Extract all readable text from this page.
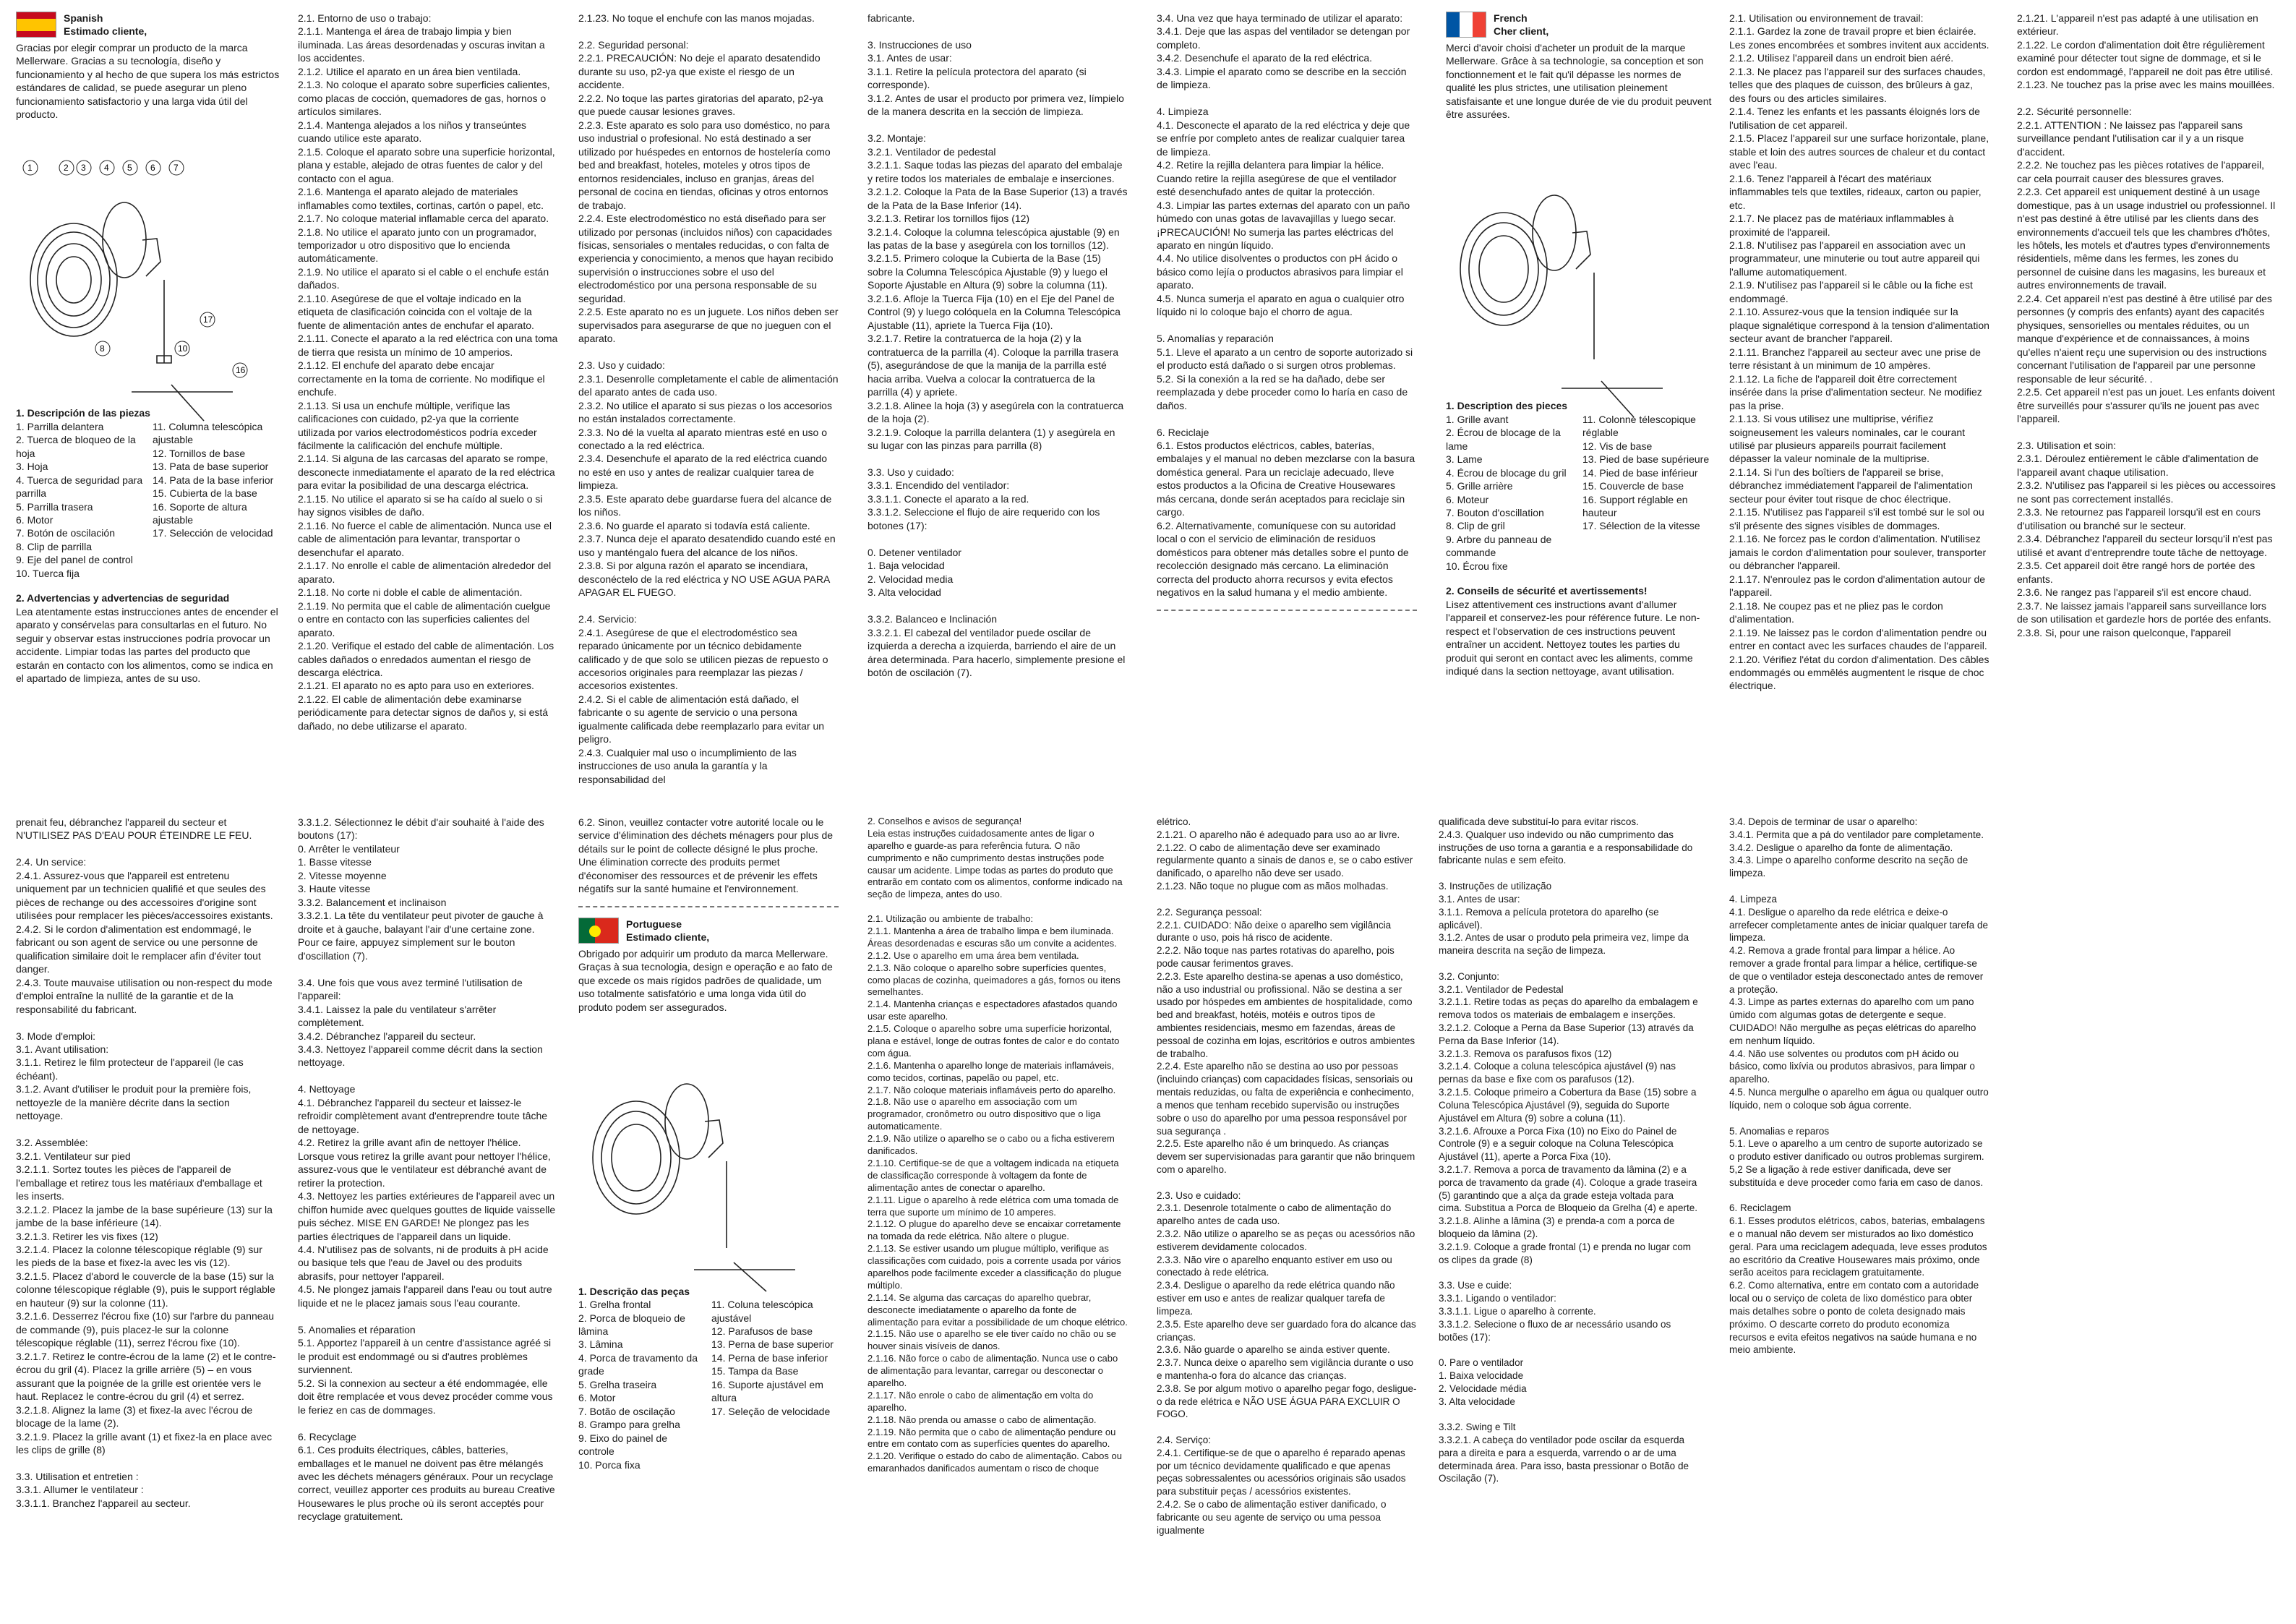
Spanish

Estimado cliente,

Gracias por elegir comprar un producto de la marca Mellerware. Gracias a su tecnología, diseño y funcionamiento y al hecho de que supera los más estrictos estándares de calidad, se puede asegurar un pleno funcionamiento satisfactorio y una larga vida útil del producto.

1	2 3 4 5 6 7
8
17
10
16

1. Descripción de las piezas

1. Parrilla delantera

2. Tuerca de bloqueo de la hoja

3. Hoja

4. Tuerca de seguridad para parrilla

5. Parrilla trasera

6. Motor

7. Botón de oscilación

8. Clip de parrilla

9. Eje del panel de control

10. Tuerca fija

11. Columna telescópica ajustable

12. Tornillos de base

13. Pata de base superior

14. Pata de la base inferior

15. Cubierta de la base

16. Soporte de altura ajustable

17. Selección de velocidad

2. Advertencias y advertencias de seguridad

Lea atentamente estas instrucciones antes de encender el aparato y consérvelas para consultarlas en el futuro. No seguir y observar estas instrucciones podría provocar un accidente. Limpiar todas las partes del producto que estarán en contacto con los alimentos, como se indica en el apartado de limpieza, antes de su uso.

2.1. Entorno de uso o trabajo:
2.1.1. Mantenga el área de trabajo limpia y bien iluminada. Las áreas desordenadas y oscuras invitan a los accidentes.
2.1.2. Utilice el aparato en un área bien ventilada.
2.1.3. No coloque el aparato sobre superficies calientes, como placas de cocción, quemadores de gas, hornos o artículos similares.
2.1.4. Mantenga alejados a los niños y transeúntes cuando utilice este aparato.
2.1.5. Coloque el aparato sobre una superficie horizontal, plana y estable, alejado de otras fuentes de calor y del contacto con el agua.
2.1.6. Mantenga el aparato alejado de materiales inflamables como textiles, cortinas, cartón o papel, etc.
2.1.7. No coloque material inflamable cerca del aparato.
2.1.8. No utilice el aparato junto con un programador, temporizador u otro dispositivo que lo encienda automáticamente.
2.1.9. No utilice el aparato si el cable o el enchufe están dañados.
2.1.10. Asegúrese de que el voltaje indicado en la etiqueta de clasificación coincida con el voltaje de la fuente de alimentación antes de enchufar el aparato.
2.1.11. Conecte el aparato a la red eléctrica con una toma de tierra que resista un mínimo de 10 amperios.
2.1.12. El enchufe del aparato debe encajar correctamente en la toma de corriente. No modifique el enchufe.
2.1.13. Si usa un enchufe múltiple, verifique las calificaciones con cuidado, p2-ya que la corriente utilizada por varios electrodomésticos podría exceder fácilmente la calificación del enchufe múltiple.
2.1.14. Si alguna de las carcasas del aparato se rompe, desconecte inmediatamente el aparato de la red eléctrica para evitar la posibilidad de una descarga eléctrica.
2.1.15. No utilice el aparato si se ha caído al suelo o si hay signos visibles de daño.
2.1.16. No fuerce el cable de alimentación. Nunca use el cable de alimentación para levantar, transportar o desenchufar el aparato.
2.1.17. No enrolle el cable de alimentación alrededor del aparato.
2.1.18. No corte ni doble el cable de alimentación.
2.1.19. No permita que el cable de alimentación cuelgue o entre en contacto con las superficies calientes del aparato.
2.1.20. Verifique el estado del cable de alimentación. Los cables dañados o enredados aumentan el riesgo de descarga eléctrica.
2.1.21. El aparato no es apto para uso en exteriores.
2.1.22. El cable de alimentación debe examinarse periódicamente para detectar signos de daños y, si está dañado, no debe utilizarse el aparato.
2.1.23. No toque el enchufe con las manos mojadas.

2.2. Seguridad personal:
2.2.1. PRECAUCIÓN: No deje el aparato desatendido durante su uso, p2-ya que existe el riesgo de un accidente.
2.2.2. No toque las partes giratorias del aparato, p2-ya que puede causar lesiones graves.
2.2.3. Este aparato es solo para uso doméstico, no para uso industrial o profesional. No está destinado a ser utilizado por huéspedes en entornos de hostelería como bed and breakfast, hoteles, moteles y otros tipos de entornos residenciales, incluso en granjas, áreas del personal de cocina en tiendas, oficinas y otros entornos de trabajo.
2.2.4. Este electrodoméstico no está diseñado para ser utilizado por personas (incluidos niños) con capacidades físicas, sensoriales o mentales reducidas, o con falta de experiencia y conocimiento, a menos que hayan recibido supervisión o instrucciones sobre el uso del electrodoméstico por una persona responsable de su seguridad.
2.2.5. Este aparato no es un juguete. Los niños deben ser supervisados para asegurarse de que no jueguen con el aparato.

2.3. Uso y cuidado:
2.3.1. Desenrolle completamente el cable de alimentación del aparato antes de cada uso.
2.3.2. No utilice el aparato si sus piezas o los accesorios no están instalados correctamente.
2.3.3. No dé la vuelta al aparato mientras esté en uso o conectado a la red eléctrica.
2.3.4. Desenchufe el aparato de la red eléctrica cuando no esté en uso y antes de realizar cualquier tarea de limpieza.
2.3.5. Este aparato debe guardarse fuera del alcance de los niños.
2.3.6. No guarde el aparato si todavía está caliente.
2.3.7. Nunca deje el aparato desatendido cuando esté en uso y manténgalo fuera del alcance de los niños.
2.3.8. Si por alguna razón el aparato se incendiara, desconéctelo de la red eléctrica y NO USE AGUA PARA APAGAR EL FUEGO.

2.4. Servicio:
2.4.1. Asegúrese de que el electrodoméstico sea reparado únicamente por un técnico debidamente calificado y de que solo se utilicen piezas de repuesto o accesorios originales para reemplazar las piezas / accesorios existentes.
2.4.2. Si el cable de alimentación está dañado, el fabricante o su agente de servicio o una persona igualmente calificada debe reemplazarlo para evitar un peligro.
2.4.3. Cualquier mal uso o incumplimiento de las instrucciones de uso anula la garantía y la responsabilidad del
fabricante.

3. Instrucciones de uso
3.1. Antes de usar:
3.1.1. Retire la película protectora del aparato (si corresponde).
3.1.2. Antes de usar el producto por primera vez, límpielo de la manera descrita en la sección de limpieza.

3.2. Montaje:
3.2.1. Ventilador de pedestal
3.2.1.1. Saque todas las piezas del aparato del embalaje y retire todos los materiales de embalaje e inserciones.
3.2.1.2. Coloque la Pata de la Base Superior (13) a través de la Pata de la Base Inferior (14).
3.2.1.3. Retirar los tornillos fijos (12)
3.2.1.4. Coloque la columna telescópica ajustable (9) en las patas de la base y asegúrela con los tornillos (12).
3.2.1.5. Primero coloque la Cubierta de la Base (15) sobre la Columna Telescópica Ajustable (9) y luego el Soporte Ajustable en Altura (9) sobre la columna (11).
3.2.1.6. Afloje la Tuerca Fija (10) en el Eje del Panel de Control (9) y luego colóquela en la Columna Telescópica Ajustable (11), apriete la Tuerca Fija (10).
3.2.1.7. Retire la contratuerca de la hoja (2) y la contratuerca de la parrilla (4). Coloque la parrilla trasera (5), asegurándose de que la manija de la parrilla esté hacia arriba. Vuelva a colocar la contratuerca de la parrilla (4) y apriete.
3.2.1.8. Alinee la hoja (3) y asegúrela con la contratuerca de la hoja (2).
3.2.1.9. Coloque la parrilla delantera (1) y asegúrela en su lugar con las pinzas para parrilla (8)

3.3. Uso y cuidado:
3.3.1. Encendido del ventilador:
3.3.1.1. Conecte el aparato a la red.
3.3.1.2. Seleccione el flujo de aire requerido con los botones (17):

0. Detener ventilador
1. Baja velocidad
2. Velocidad media
3. Alta velocidad

3.3.2. Balanceo e Inclinación
3.3.2.1. El cabezal del ventilador puede oscilar de izquierda a derecha a izquierda, barriendo el aire de un área determinada. Para hacerlo, simplemente presione el botón de oscilación (7).
3.4. Una vez que haya terminado de utilizar el aparato:
3.4.1. Deje que las aspas del ventilador se detengan por completo.
3.4.2. Desenchufe el aparato de la red eléctrica.
3.4.3. Limpie el aparato como se describe en la sección de limpieza.

4. Limpieza
4.1. Desconecte el aparato de la red eléctrica y deje que se enfríe por completo antes de realizar cualquier tarea de limpieza.
4.2. Retire la rejilla delantera para limpiar la hélice. Cuando retire la rejilla asegúrese de que el ventilador esté desenchufado antes de quitar la protección.
4.3. Limpiar las partes externas del aparato con un paño húmedo con unas gotas de lavavajillas y luego secar. ¡PRECAUCIÓN! No sumerja las partes eléctricas del aparato en ningún líquido.
4.4. No utilice disolventes o productos con pH ácido o básico como lejía o productos abrasivos para limpiar el aparato.
4.5. Nunca sumerja el aparato en agua o cualquier otro líquido ni lo coloque bajo el chorro de agua.

5. Anomalías y reparación
5.1. Lleve el aparato a un centro de soporte autorizado si el producto está dañado o si surgen otros problemas.
5.2. Si la conexión a la red se ha dañado, debe ser reemplazada y debe proceder como lo haría en caso de daños.

6. Reciclaje
6.1. Estos productos eléctricos, cables, baterías, embalajes y el manual no deben mezclarse con la basura doméstica general. Para un reciclaje adecuado, lleve estos productos a la Oficina de Creative Housewares más cercana, donde serán aceptados para reciclaje sin cargo.
6.2. Alternativamente, comuníquese con su autoridad local o con el servicio de eliminación de residuos domésticos para obtener más detalles sobre el punto de recolección designado más cercano. La eliminación correcta del producto ahorra recursos y evita efectos negativos en la salud humana y el medio ambiente.

French

Cher client,

Merci d'avoir choisi d'acheter un produit de la marque Mellerware. Grâce à sa technologie, sa conception et son fonctionnement et le fait qu'il dépasse les normes de qualité les plus strictes, une utilisation pleinement satisfaisante et une longue durée de vie du produit peuvent être assurées.

1. Description des pieces

1. Grille avant

2. Écrou de blocage de la lame

3. Lame

4. Écrou de blocage du gril

5. Grille arrière

6. Moteur

7. Bouton d'oscillation

8. Clip de gril

9. Arbre du panneau de commande

10. Écrou fixe

11. Colonne télescopique réglable

12. Vis de base

13. Pied de base supérieure

14. Pied de base inférieur

15. Couvercle de base

16. Support réglable en hauteur

17. Sélection de la vitesse

2. Conseils de sécurité et avertissements!

Lisez attentivement ces instructions avant d'allumer l'appareil et conservez-les pour référence future. Le non-respect et l'observation de ces instructions peuvent entraîner un accident. Nettoyez toutes les parties du produit qui seront en contact avec les aliments, comme indiqué dans la section nettoyage, avant utilisation.

2.1. Utilisation ou environnement de travail:
2.1.1. Gardez la zone de travail propre et bien éclairée. Les zones encombrées et sombres invitent aux accidents.
2.1.2. Utilisez l'appareil dans un endroit bien aéré.
2.1.3. Ne placez pas l'appareil sur des surfaces chaudes, telles que des plaques de cuisson, des brûleurs à gaz, des fours ou des articles similaires.
2.1.4. Tenez les enfants et les passants éloignés lors de l'utilisation de cet appareil.
2.1.5. Placez l'appareil sur une surface horizontale, plane, stable et loin des autres sources de chaleur et du contact avec l'eau.
2.1.6. Tenez l'appareil à l'écart des matériaux inflammables tels que textiles, rideaux, carton ou papier, etc.
2.1.7. Ne placez pas de matériaux inflammables à proximité de l'appareil.
2.1.8. N'utilisez pas l'appareil en association avec un programmateur, une minuterie ou tout autre appareil qui l'allume automatiquement.
2.1.9. N'utilisez pas l'appareil si le câble ou la fiche est endommagé.
2.1.10. Assurez-vous que la tension indiquée sur la plaque signalétique correspond à la tension d'alimentation secteur avant de brancher l'appareil.
2.1.11. Branchez l'appareil au secteur avec une prise de terre résistant à un minimum de 10 ampères.
2.1.12. La fiche de l'appareil doit être correctement insérée dans la prise d'alimentation secteur. Ne modifiez pas la prise.
2.1.13. Si vous utilisez une multiprise, vérifiez soigneusement les valeurs nominales, car le courant utilisé par plusieurs appareils pourrait facilement dépasser la valeur nominale de la multiprise.
2.1.14. Si l'un des boîtiers de l'appareil se brise, débranchez immédiatement l'appareil de l'alimentation secteur pour éviter tout risque de choc électrique.
2.1.15. N'utilisez pas l'appareil s'il est tombé sur le sol ou s'il présente des signes visibles de dommages.
2.1.16. Ne forcez pas le cordon d'alimentation. N'utilisez jamais le cordon d'alimentation pour soulever, transporter ou débrancher l'appareil.
2.1.17. N'enroulez pas le cordon d'alimentation autour de l'appareil.
2.1.18. Ne coupez pas et ne pliez pas le cordon d'alimentation.
2.1.19. Ne laissez pas le cordon d'alimentation pendre ou entrer en contact avec les surfaces chaudes de l'appareil.
2.1.20. Vérifiez l'état du cordon d'alimentation. Des câbles endommagés ou emmêlés augmentent le risque de choc électrique.
2.1.21. L'appareil n'est pas adapté à une utilisation en extérieur.
2.1.22. Le cordon d'alimentation doit être régulièrement examiné pour détecter tout signe de dommage, et si le cordon est endommagé, l'appareil ne doit pas être utilisé.
2.1.23. Ne touchez pas la prise avec les mains mouillées.

2.2. Sécurité personnelle:
2.2.1. ATTENTION : Ne laissez pas l'appareil sans surveillance pendant l'utilisation car il y a un risque d'accident.
2.2.2. Ne touchez pas les pièces rotatives de l'appareil, car cela pourrait causer des blessures graves.
2.2.3. Cet appareil est uniquement destiné à un usage domestique, pas à un usage industriel ou professionnel. Il n'est pas destiné à être utilisé par les clients dans des environnements d'accueil tels que les chambres d'hôtes, les hôtels, les motels et d'autres types d'environnements résidentiels, même dans les fermes, les zones du personnel de cuisine dans les magasins, les bureaux et autres environnements de travail.
2.2.4. Cet appareil n'est pas destiné à être utilisé par des personnes (y compris des enfants) ayant des capacités physiques, sensorielles ou mentales réduites, ou un manque d'expérience et de connaissances, à moins qu'elles n'aient reçu une supervision ou des instructions concernant l'utilisation de l'appareil par une personne responsable de leur sécurité. .
2.2.5. Cet appareil n'est pas un jouet. Les enfants doivent être surveillés pour s'assurer qu'ils ne jouent pas avec l'appareil.

2.3. Utilisation et soin:
2.3.1. Déroulez entièrement le câble d'alimentation de l'appareil avant chaque utilisation.
2.3.2. N'utilisez pas l'appareil si les pièces ou accessoires ne sont pas correctement installés.
2.3.3. Ne retournez pas l'appareil lorsqu'il est en cours d'utilisation ou branché sur le secteur.
2.3.4. Débranchez l'appareil du secteur lorsqu'il n'est pas utilisé et avant d'entreprendre toute tâche de nettoyage.
2.3.5. Cet appareil doit être rangé hors de portée des enfants.
2.3.6. Ne rangez pas l'appareil s'il est encore chaud.
2.3.7. Ne laissez jamais l'appareil sans surveillance lors de son utilisation et gardezle hors de portée des enfants.
2.3.8. Si, pour une raison quelconque, l'appareil
prenait feu, débranchez l'appareil du secteur et N'UTILISEZ PAS D'EAU POUR ÉTEINDRE LE FEU.

2.4. Un service:
2.4.1. Assurez-vous que l'appareil est entretenu uniquement par un technicien qualifié et que seules des pièces de rechange ou des accessoires d'origine sont utilisées pour remplacer les pièces/accessoires existants.
2.4.2. Si le cordon d'alimentation est endommagé, le fabricant ou son agent de service ou une personne de qualification similaire doit le remplacer afin d'éviter tout danger.
2.4.3. Toute mauvaise utilisation ou non-respect du mode d'emploi entraîne la nullité de la garantie et de la responsabilité du fabricant.

3. Mode d'emploi:
3.1. Avant utilisation:
3.1.1. Retirez le film protecteur de l'appareil (le cas échéant).
3.1.2. Avant d'utiliser le produit pour la première fois, nettoyezle de la manière décrite dans la section nettoyage.

3.2. Assemblée:
3.2.1. Ventilateur sur pied
3.2.1.1. Sortez toutes les pièces de l'appareil de l'emballage et retirez tous les matériaux d'emballage et les inserts.
3.2.1.2. Placez la jambe de la base supérieure (13) sur la jambe de la base inférieure (14).
3.2.1.3. Retirer les vis fixes (12)
3.2.1.4. Placez la colonne télescopique réglable (9) sur les pieds de la base et fixez-la avec les vis (12).
3.2.1.5. Placez d'abord le couvercle de la base (15) sur la colonne télescopique réglable (9), puis le support réglable en hauteur (9) sur la colonne (11).
3.2.1.6. Desserrez l'écrou fixe (10) sur l'arbre du panneau de commande (9), puis placez-le sur la colonne télescopique réglable (11), serrez l'écrou fixe (10).
3.2.1.7. Retirez le contre-écrou de la lame (2) et le contre-écrou du gril (4). Placez la grille arrière (5) – en vous assurant que la poignée de la grille est orientée vers le haut. Replacez le contre-écrou du gril (4) et serrez.
3.2.1.8. Alignez la lame (3) et fixez-la avec l'écrou de blocage de la lame (2).
3.2.1.9. Placez la grille avant (1) et fixez-la en place avec les clips de grille (8)

3.3. Utilisation et entretien :
3.3.1. Allumer le ventilateur :
3.3.1.1. Branchez l'appareil au secteur.
3.3.1.2. Sélectionnez le débit d'air souhaité à l'aide des boutons (17):
0. Arrêter le ventilateur
1. Basse vitesse
2. Vitesse moyenne
3. Haute vitesse
3.3.2. Balancement et inclinaison
3.3.2.1. La tête du ventilateur peut pivoter de gauche à droite et à gauche, balayant l'air d'une certaine zone. Pour ce faire, appuyez simplement sur le bouton d'oscillation (7).

3.4. Une fois que vous avez terminé l'utilisation de l'appareil:
3.4.1. Laissez la pale du ventilateur s'arrêter complètement.
3.4.2. Débranchez l'appareil du secteur.
3.4.3. Nettoyez l'appareil comme décrit dans la section nettoyage.

4. Nettoyage
4.1. Débranchez l'appareil du secteur et laissez-le refroidir complètement avant d'entreprendre toute tâche de nettoyage.
4.2. Retirez la grille avant afin de nettoyer l'hélice. Lorsque vous retirez la grille avant pour nettoyer l'hélice, assurez-vous que le ventilateur est débranché avant de retirer la protection.
4.3. Nettoyez les parties extérieures de l'appareil avec un chiffon humide avec quelques gouttes de liquide vaisselle puis séchez. MISE EN GARDE! Ne plongez pas les parties électriques de l'appareil dans un liquide.
4.4. N'utilisez pas de solvants, ni de produits à pH acide ou basique tels que l'eau de Javel ou des produits abrasifs, pour nettoyer l'appareil.
4.5. Ne plongez jamais l'appareil dans l'eau ou tout autre liquide et ne le placez jamais sous l'eau courante.

5. Anomalies et réparation
5.1. Apportez l'appareil à un centre d'assistance agréé si le produit est endommagé ou si d'autres problèmes surviennent.
5.2. Si la connexion au secteur a été endommagée, elle doit être remplacée et vous devez procéder comme vous le feriez en cas de dommages.

6. Recyclage
6.1. Ces produits électriques, câbles, batteries, emballages et le manuel ne doivent pas être mélangés avec les déchets ménagers généraux. Pour un recyclage correct, veuillez apporter ces produits au bureau Creative Housewares le plus proche où ils seront acceptés pour recyclage gratuitement.

6.2. Sinon, veuillez contacter votre autorité locale ou le service d'élimination des déchets ménagers pour plus de détails sur le point de collecte désigné le plus proche. Une élimination correcte des produits permet d'économiser des ressources et de prévenir les effets négatifs sur la santé humaine et l'environnement.

Portuguese

Estimado cliente,

Obrigado por adquirir um produto da marca Mellerware. Graças à sua tecnologia, design e operação e ao fato de que excede os mais rígidos padrões de qualidade, um uso totalmente satisfatório e uma longa vida útil do produto podem ser assegurados.

1. Descrição das peças

1. Grelha frontal

2. Porca de bloqueio de lâmina

3. Lâmina

4. Porca de travamento da grade

5. Grelha traseira

6. Motor

7. Botão de oscilação

8. Grampo para grelha

9. Eixo do painel de controle

10. Porca fixa

11. Coluna telescópica ajustável

12. Parafusos de base

13. Perna de base superior

14. Perna de base inferior

15. Tampa da Base

16. Suporte ajustável em altura

17. Seleção de velocidade

2. Conselhos e avisos de segurança!
Leia estas instruções cuidadosamente antes de ligar o aparelho e guarde-as para referência futura. O não cumprimento e não cumprimento destas instruções pode causar um acidente. Limpe todas as partes do produto que entrarão em contato com os alimentos, conforme indicado na seção de limpeza, antes do uso.

2.1. Utilização ou ambiente de trabalho:
2.1.1. Mantenha a área de trabalho limpa e bem iluminada. Áreas desordenadas e escuras são um convite a acidentes.
2.1.2. Use o aparelho em uma área bem ventilada.
2.1.3. Não coloque o aparelho sobre superfícies quentes, como placas de cozinha, queimadores a gás, fornos ou itens semelhantes.
2.1.4. Mantenha crianças e espectadores afastados quando usar este aparelho.
2.1.5. Coloque o aparelho sobre uma superfície horizontal, plana e estável, longe de outras fontes de calor e do contato com água.
2.1.6. Mantenha o aparelho longe de materiais inflamáveis, como tecidos, cortinas, papelão ou papel, etc.
2.1.7. Não coloque materiais inflamáveis perto do aparelho.
2.1.8. Não use o aparelho em associação com um programador, cronômetro ou outro dispositivo que o liga automaticamente.
2.1.9. Não utilize o aparelho se o cabo ou a ficha estiverem danificados.
2.1.10. Certifique-se de que a voltagem indicada na etiqueta de classificação corresponde à voltagem da fonte de alimentação antes de conectar o aparelho.
2.1.11. Ligue o aparelho à rede elétrica com uma tomada de terra que suporte um mínimo de 10 amperes.
2.1.12. O plugue do aparelho deve se encaixar corretamente na tomada da rede elétrica. Não altere o plugue.
2.1.13. Se estiver usando um plugue múltiplo, verifique as classificações com cuidado, pois a corrente usada por vários aparelhos pode facilmente exceder a classificação do plugue múltiplo.
2.1.14. Se alguma das carcaças do aparelho quebrar, desconecte imediatamente o aparelho da fonte de alimentação para evitar a possibilidade de um choque elétrico.
2.1.15. Não use o aparelho se ele tiver caído no chão ou se houver sinais visíveis de danos.
2.1.16. Não force o cabo de alimentação. Nunca use o cabo de alimentação para levantar, carregar ou desconectar o aparelho.
2.1.17. Não enrole o cabo de alimentação em volta do aparelho.
2.1.18. Não prenda ou amasse o cabo de alimentação.
2.1.19. Não permita que o cabo de alimentação pendure ou entre em contato com as superfícies quentes do aparelho.
2.1.20. Verifique o estado do cabo de alimentação. Cabos ou emaranhados danificados aumentam o risco de choque
elétrico.
2.1.21. O aparelho não é adequado para uso ao ar livre.
2.1.22. O cabo de alimentação deve ser examinado regularmente quanto a sinais de danos e, se o cabo estiver danificado, o aparelho não deve ser usado.
2.1.23. Não toque no plugue com as mãos molhadas.

2.2. Segurança pessoal:
2.2.1. CUIDADO: Não deixe o aparelho sem vigilância durante o uso, pois há risco de acidente.
2.2.2. Não toque nas partes rotativas do aparelho, pois pode causar ferimentos graves.
2.2.3. Este aparelho destina-se apenas a uso doméstico, não a uso industrial ou profissional. Não se destina a ser usado por hóspedes em ambientes de hospitalidade, como bed and breakfast, hotéis, motéis e outros tipos de ambientes residenciais, mesmo em fazendas, áreas de pessoal de cozinha em lojas, escritórios e outros ambientes de trabalho.
2.2.4. Este aparelho não se destina ao uso por pessoas (incluindo crianças) com capacidades físicas, sensoriais ou mentais reduzidas, ou falta de experiência e conhecimento, a menos que tenham recebido supervisão ou instruções sobre o uso do aparelho por uma pessoa responsável por sua segurança .
2.2.5. Este aparelho não é um brinquedo. As crianças devem ser supervisionadas para garantir que não brinquem com o aparelho.

2.3. Uso e cuidado:
2.3.1. Desenrole totalmente o cabo de alimentação do aparelho antes de cada uso.
2.3.2. Não utilize o aparelho se as peças ou acessórios não estiverem devidamente colocados.
2.3.3. Não vire o aparelho enquanto estiver em uso ou conectado à rede elétrica.
2.3.4. Desligue o aparelho da rede elétrica quando não estiver em uso e antes de realizar qualquer tarefa de limpeza.
2.3.5. Este aparelho deve ser guardado fora do alcance das crianças.
2.3.6. Não guarde o aparelho se ainda estiver quente.
2.3.7. Nunca deixe o aparelho sem vigilância durante o uso e mantenha-o fora do alcance das crianças.
2.3.8. Se por algum motivo o aparelho pegar fogo, desligue-o da rede elétrica e NÃO USE ÁGUA PARA EXCLUIR O FOGO.

2.4. Serviço:
2.4.1. Certifique-se de que o aparelho é reparado apenas por um técnico devidamente qualificado e que apenas peças sobressalentes ou acessórios originais são usados para substituir peças / acessórios existentes.
2.4.2. Se o cabo de alimentação estiver danificado, o fabricante ou seu agente de serviço ou uma pessoa igualmente
qualificada deve substituí-lo para evitar riscos.
2.4.3. Qualquer uso indevido ou não cumprimento das instruções de uso torna a garantia e a responsabilidade do fabricante nulas e sem efeito.

3. Instruções de utilização
3.1. Antes de usar:
3.1.1. Remova a película protetora do aparelho (se aplicável).
3.1.2. Antes de usar o produto pela primeira vez, limpe da maneira descrita na seção de limpeza.

3.2. Conjunto:
3.2.1. Ventilador de Pedestal
3.2.1.1. Retire todas as peças do aparelho da embalagem e remova todos os materiais de embalagem e inserções.
3.2.1.2. Coloque a Perna da Base Superior (13) através da Perna da Base Inferior (14).
3.2.1.3. Remova os parafusos fixos (12)
3.2.1.4. Coloque a coluna telescópica ajustável (9) nas pernas da base e fixe com os parafusos (12).
3.2.1.5. Coloque primeiro a Cobertura da Base (15) sobre a Coluna Telescópica Ajustável (9), seguida do Suporte Ajustável em Altura (9) sobre a coluna (11).
3.2.1.6. Afrouxe a Porca Fixa (10) no Eixo do Painel de Controle (9) e a seguir coloque na Coluna Telescópica Ajustável (11), aperte a Porca Fixa (10).
3.2.1.7. Remova a porca de travamento da lâmina (2) e a porca de travamento da grade (4). Coloque a grade traseira (5) garantindo que a alça da grade esteja voltada para cima. Substitua a Porca de Bloqueio da Grelha (4) e aperte.
3.2.1.8. Alinhe a lâmina (3) e prenda-a com a porca de bloqueio da lâmina (2).
3.2.1.9. Coloque a grade frontal (1) e prenda no lugar com os clipes da grade (8)

3.3. Use e cuide:
3.3.1. Ligando o ventilador:
3.3.1.1. Ligue o aparelho à corrente.
3.3.1.2. Selecione o fluxo de ar necessário usando os botões (17):

0. Pare o ventilador
1. Baixa velocidade
2. Velocidade média
3. Alta velocidade

3.3.2. Swing e Tilt
3.3.2.1. A cabeça do ventilador pode oscilar da esquerda para a direita e para a esquerda, varrendo o ar de uma determinada área. Para isso, basta pressionar o Botão de Oscilação (7).
3.4. Depois de terminar de usar o aparelho:
3.4.1. Permita que a pá do ventilador pare completamente.
3.4.2. Desligue o aparelho da fonte de alimentação.
3.4.3. Limpe o aparelho conforme descrito na seção de limpeza.

4. Limpeza
4.1. Desligue o aparelho da rede elétrica e deixe-o arrefecer completamente antes de iniciar qualquer tarefa de limpeza.
4.2. Remova a grade frontal para limpar a hélice. Ao remover a grade frontal para limpar a hélice, certifique-se de que o ventilador esteja desconectado antes de remover a proteção.
4.3. Limpe as partes externas do aparelho com um pano úmido com algumas gotas de detergente e seque. CUIDADO! Não mergulhe as peças elétricas do aparelho em nenhum líquido.
4.4. Não use solventes ou produtos com pH ácido ou básico, como lixívia ou produtos abrasivos, para limpar o aparelho.
4.5. Nunca mergulhe o aparelho em água ou qualquer outro líquido, nem o coloque sob água corrente.

5. Anomalias e reparos
5.1. Leve o aparelho a um centro de suporte autorizado se o produto estiver danificado ou outros problemas surgirem.
5,2 Se a ligação à rede estiver danificada, deve ser substituída e deve proceder como faria em caso de danos.

6. Reciclagem
6.1. Esses produtos elétricos, cabos, baterias, embalagens e o manual não devem ser misturados ao lixo doméstico geral. Para uma reciclagem adequada, leve esses produtos ao escritório da Creative Housewares mais próximo, onde serão aceitos para reciclagem gratuitamente.
6.2. Como alternativa, entre em contato com a autoridade local ou o serviço de coleta de lixo doméstico para obter mais detalhes sobre o ponto de coleta designado mais próximo. O descarte correto do produto economiza recursos e evita efeitos negativos na saúde humana e no meio ambiente.
